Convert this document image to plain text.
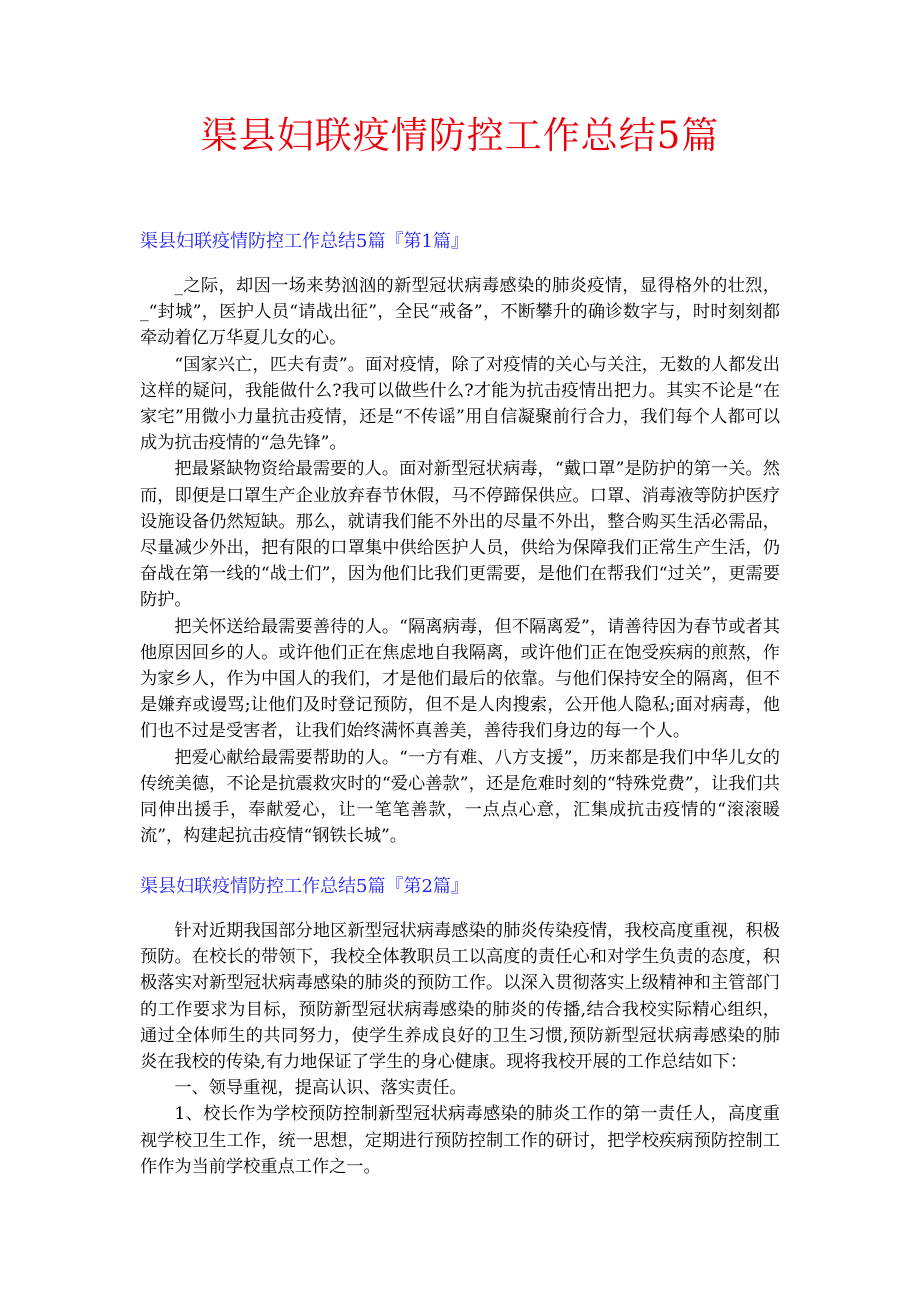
渠县妇联疫情防控工作总结5篇
渠县妇联疫情防控工作总结5篇『第1篇』

_之际，却因一场来势汹汹的新型冠状病毒感染的肺炎疫情，显得格外的壮烈，_“封城”，医护人员“请战出征”，全民“戒备”，不断攀升的确诊数字与，时时刻刻都牵动着亿万华夏儿女的心。

“国家兴亡，匹夫有责”。面对疫情，除了对疫情的关心与关注，无数的人都发出这样的疑问，我能做什么?我可以做些什么?才能为抗击疫情出把力。其实不论是“在家宅”用微小力量抗击疫情，还是“不传谣”用自信凝聚前行合力，我们每个人都可以成为抗击疫情的“急先锋”。

把最紧缺物资给最需要的人。面对新型冠状病毒，“戴口罩”是防护的第一关。然而，即便是口罩生产企业放弃春节休假，马不停蹄保供应。口罩、消毒液等防护医疗设施设备仍然短缺。那么，就请我们能不外出的尽量不外出，整合购买生活必需品，尽量减少外出，把有限的口罩集中供给医护人员，供给为保障我们正常生产生活，仍奋战在第一线的“战士们”，因为他们比我们更需要，是他们在帮我们“过关”，更需要防护。

把关怀送给最需要善待的人。“隔离病毒，但不隔离爱”，请善待因为春节或者其他原因回乡的人。或许他们正在焦虑地自我隔离，或许他们正在饱受疾病的煎熬，作为家乡人，作为中国人的我们，才是他们最后的依靠。与他们保持安全的隔离，但不是嫌弃或谩骂;让他们及时登记预防，但不是人肉搜索，公开他人隐私;面对病毒，他们也不过是受害者，让我们始终满怀真善美，善待我们身边的每一个人。

把爱心献给最需要帮助的人。“一方有难、八方支援”，历来都是我们中华儿女的传统美德，不论是抗震救灾时的“爱心善款”，还是危难时刻的“特殊党费”，让我们共同伸出援手，奉献爱心，让一笔笔善款，一点点心意，汇集成抗击疫情的“滚滚暖流”，构建起抗击疫情“钢铁长城”。

渠县妇联疫情防控工作总结5篇『第2篇』

针对近期我国部分地区新型冠状病毒感染的肺炎传染疫情，我校高度重视，积极预防。在校长的带领下，我校全体教职员工以高度的责任心和对学生负责的态度，积极落实对新型冠状病毒感染的肺炎的预防工作。以深入贯彻落实上级精神和主管部门的工作要求为目标，预防新型冠状病毒感染的肺炎的传播,结合我校实际精心组织，通过全体师生的共同努力，使学生养成良好的卫生习惯,预防新型冠状病毒感染的肺炎在我校的传染,有力地保证了学生的身心健康。现将我校开展的工作总结如下：

一、领导重视，提高认识、落实责任。

1、校长作为学校预防控制新型冠状病毒感染的肺炎工作的第一责任人，高度重视学校卫生工作，统一思想，定期进行预防控制工作的研讨，把学校疾病预防控制工作作为当前学校重点工作之一。
